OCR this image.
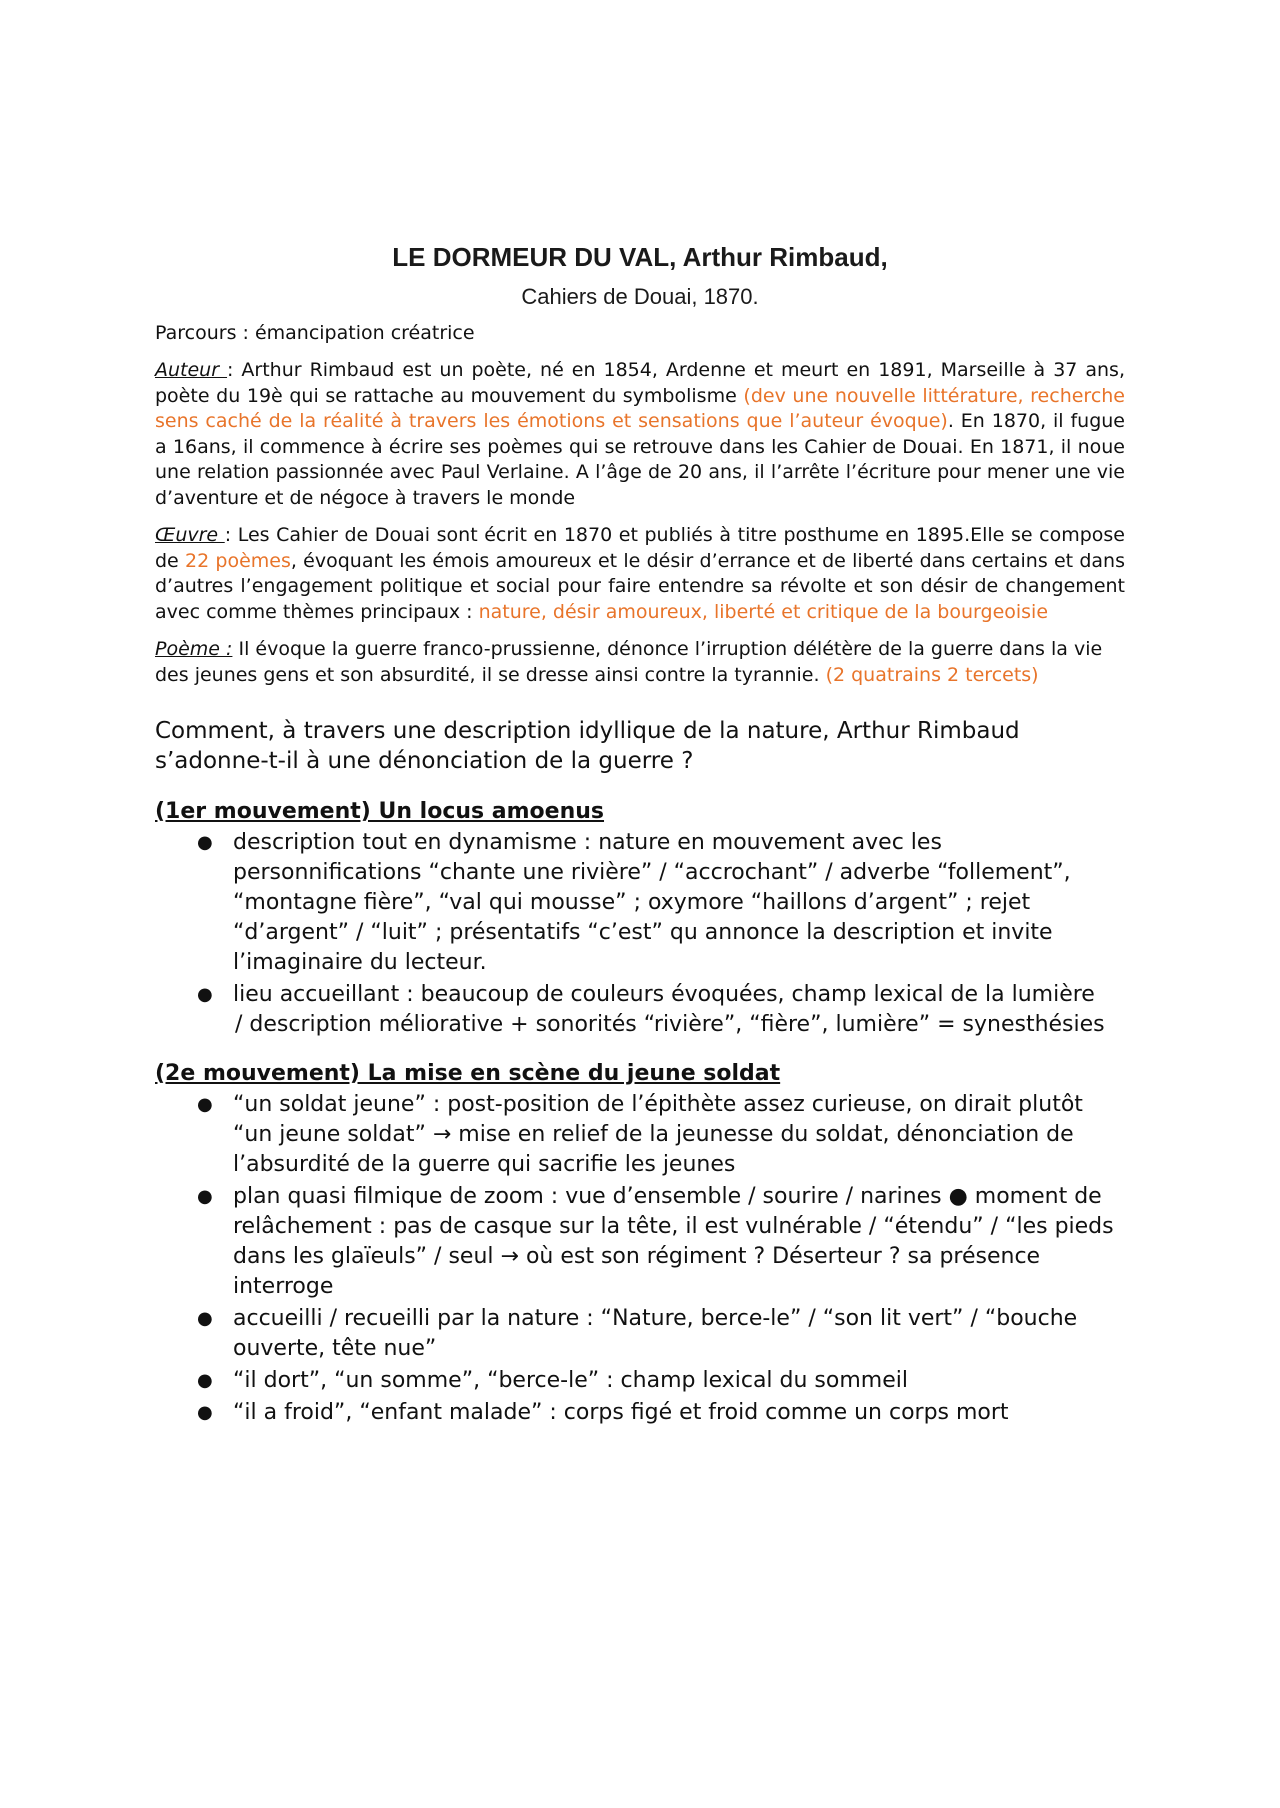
LE DORMEUR DU VAL, Arthur Rimbaud,

Cahiers de Douai, 1870.

Parcours : émancipation créatrice

Auteur : Arthur Rimbaud est un poète, né en 1854, Ardenne et meurt en 1891, Marseille à 37 ans, poète du 19è qui se rattache au mouvement du symbolisme (dev une nouvelle littérature, recherche sens caché de la réalité à travers les émotions et sensations que l’auteur évoque). En 1870, il fugue a 16ans, il commence à écrire ses poèmes qui se retrouve dans les Cahier de Douai. En 1871, il noue une relation passionnée avec Paul Verlaine. A l’âge de 20 ans, il l’arrête l’écriture pour mener une vie d’aventure et de négoce à travers le monde

Œuvre : Les Cahier de Douai sont écrit en 1870 et publiés à titre posthume en 1895.Elle se compose de 22 poèmes, évoquant les émois amoureux et le désir d’errance et de liberté dans certains et dans d’autres l’engagement politique et social pour faire entendre sa révolte et son désir de changement avec comme thèmes principaux : nature, désir amoureux, liberté et critique de la bourgeoisie

Poème : Il évoque la guerre franco-prussienne, dénonce l’irruption délétère de la guerre dans la vie des jeunes gens et son absurdité, il se dresse ainsi contre la tyrannie. (2 quatrains 2 tercets)

Comment, à travers une description idyllique de la nature, Arthur Rimbaud s’adonne-t-il à une dénonciation de la guerre ?

(1er mouvement) Un locus amoenus
● description tout en dynamisme : nature en mouvement avec les personnifications “chante une rivière” / “accrochant” / adverbe “follement”, “montagne fière”, “val qui mousse” ; oxymore “haillons d’argent” ; rejet “d’argent” / “luit” ; présentatifs “c’est” qu annonce la description et invite l’imaginaire du lecteur.
● lieu accueillant : beaucoup de couleurs évoquées, champ lexical de la lumière
/ description méliorative + sonorités “rivière”, “fière”, lumière” = synesthésies
(2e mouvement) La mise en scène du jeune soldat
● “un soldat jeune” : post-position de l’épithète assez curieuse, on dirait plutôt “un jeune soldat” → mise en relief de la jeunesse du soldat, dénonciation de l’absurdité de la guerre qui sacrifie les jeunes
● plan quasi filmique de zoom : vue d’ensemble / sourire / narines ● moment de relâchement : pas de casque sur la tête, il est vulnérable / “étendu” / “les pieds dans les glaïeuls” / seul → où est son régiment ? Déserteur ? sa présence interroge
● accueilli / recueilli par la nature : “Nature, berce-le” / “son lit vert” / “bouche ouverte, tête nue”
● “il dort”, “un somme”, “berce-le” : champ lexical du sommeil
● “il a froid”, “enfant malade” : corps figé et froid comme un corps mort
